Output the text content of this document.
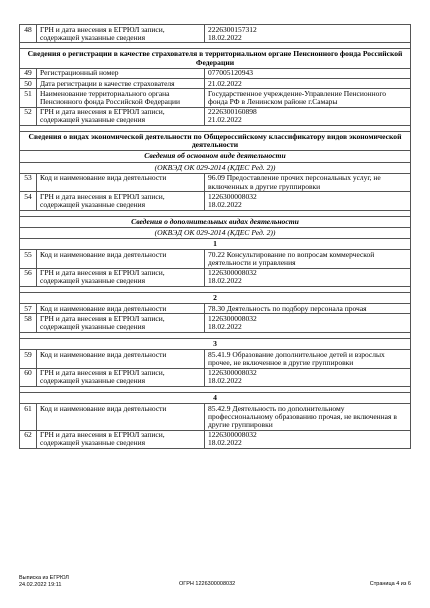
48	ГРН и дата внесения в ЕГРЮЛ записи, содержащей указанные сведения	2226300157312
18.02.2022

Сведения о регистрации в качестве страхователя в территориальном органе Пенсионного фонда Российской Федерации		
49	Регистрационный номер	077005120943
50	Дата регистрации в качестве страхователя	21.02.2022
51	Наименование территориального органа Пенсионного фонда Российской Федерации	Государственное учреждение-Управление Пенсионного фонда РФ в Ленинском районе г.Самары
52	ГРН и дата внесения в ЕГРЮЛ записи, содержащей указанные сведения	2226300160898
21.02.2022

Сведения о видах экономической деятельности по Общероссийскому классификатору видов экономической деятельности		
Сведения об основном виде деятельности		
(ОКВЭД ОК 029-2014 (КДЕС Ред. 2))		
53	Код и наименование вида деятельности	96.09 Предоставление прочих персональных услуг, не включенных в другие группировки
54	ГРН и дата внесения в ЕГРЮЛ записи, содержащей указанные сведения	1226300008032
18.02.2022

Сведения о дополнительных видах деятельности		
(ОКВЭД ОК 029-2014 (КДЕС Ред. 2))		
1		
55	Код и наименование вида деятельности	70.22 Консультирование по вопросам коммерческой деятельности и управления
56	ГРН и дата внесения в ЕГРЮЛ записи, содержащей указанные сведения	1226300008032
18.02.2022

2		
57	Код и наименование вида деятельности	78.30 Деятельность по подбору персонала прочая
58	ГРН и дата внесения в ЕГРЮЛ записи, содержащей указанные сведения	1226300008032
18.02.2022

3		
59	Код и наименование вида деятельности	85.41.9 Образование дополнительное детей и взрослых прочее, не включенное в другие группировки
60	ГРН и дата внесения в ЕГРЮЛ записи, содержащей указанные сведения	1226300008032
18.02.2022

4		
61	Код и наименование вида деятельности	85.42.9 Деятельность по дополнительному профессиональному образованию прочая, не включенная в другие группировки
62	ГРН и дата внесения в ЕГРЮЛ записи, содержащей указанные сведения	1226300008032
18.02.2022
Выписка из ЕГРЮЛ
24.02.2022 19:11	ОГРН 1226300008032	Страница 4 из 6
